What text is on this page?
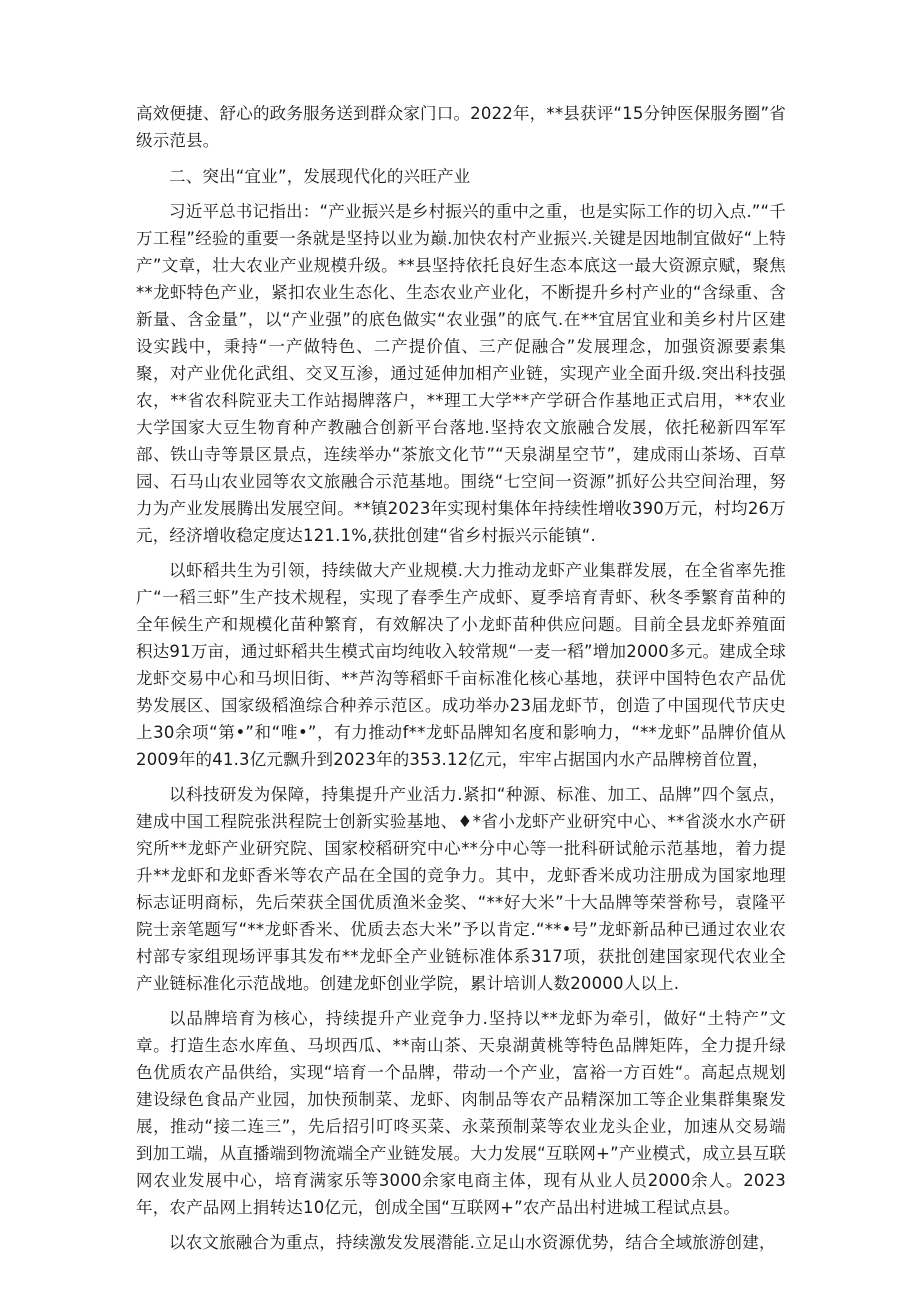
高效便捷、舒心的政务服务送到群众家门口。2022年，**县获评“15分钟医保服务圈”省级示范县。

二、突出“宜业”，发展现代化的兴旺产业

习近平总书记指出：“产业振兴是乡村振兴的重中之重，也是实际工作的切入点.”“千万工程”经验的重要一条就是坚持以业为巅.加快农村产业振兴.关键是因地制宜做好“上特产”文章，壮大农业产业规模升级。**县坚持依托良好生态本底这一最大资源京赋，聚焦**龙虾特色产业，紧扣农业生态化、生态农业产业化，不断提升乡村产业的“含绿重、含新量、含金量”，以“产业强”的底色做实“农业强”的底气.在**宜居宜业和美乡村片区建设实践中，秉持“一产做特色、二产提价值、三产促融合”发展理念，加强资源要素集聚，对产业优化武组、交叉互渗，通过延伸加相产业链，实现产业全面升级.突出科技强农，**省农科院亚夫工作站揭牌落户，**理工大学**产学研合作基地正式启用，**农业大学国家大豆生物育种产教融合创新平台落地.坚持农文旅融合发展，依托秘新四军军部、铁山寺等景区景点，连续举办“茶旅文化节”“天泉湖星空节”，建成雨山茶场、百草园、石马山农业园等农文旅融合示范基地。围绕“七空间一资源”抓好公共空间治理，努力为产业发展腾出发展空间。**镇2023年实现村集体年持续性增收390万元，村均26万元，经济增收稳定度达121.1%,获批创建“省乡村振兴示能镇“.

以虾稻共生为引领，持续做大产业规模.大力推动龙虾产业集群发展，在全省率先推广“一稻三虾”生产技术规程，实现了春季生产成虾、夏季培育青虾、秋冬季繁育苗种的全年候生产和规模化苗种繁育，有效解决了小龙虾苗种供应问题。目前全县龙虾养殖面积达91万亩，通过虾稻共生模式亩均纯收入较常规“一麦一稻”增加2000多元。建成全球龙虾交易中心和马坝旧街、**芦沟等稻虾千亩标准化核心基地，获评中国特色农产品优势发展区、国家级稻渔综合种养示范区。成功举办23届龙虾节，创造了中国现代节庆史上30余项“第•”和“唯•”，有力推动f**龙虾品牌知名度和影响力，“**龙虾”品牌价值从2009年的41.3亿元飘升到2023年的353.12亿元，牢牢占据国内水产品牌榜首位置，

以科技研发为保障，持集提升产业活力.紧扣“种源、标准、加工、品牌”四个氢点，建成中国工程院张洪程院士创新实验基地、♦*省小龙虾产业研究中心、**省淡水水产研究所**龙虾产业研究院、国家校稻研究中心**分中心等一批科研试舱示范基地，着力提升**龙虾和龙虾香米等农产品在全国的竞争力。其中，龙虾香米成功注册成为国家地理标志证明商标，先后荣获全国优质渔米金奖、“**好大米”十大品牌等荣誉称号，袁隆平院士亲笔题写“**龙虾香米、优质去态大米”予以肯定.“**•号”龙虾新品种已通过农业农村部专家组现场评事其发布**龙虾全产业链标准体系317项，获批创建国家现代农业全产业链标准化示范战地。创建龙虾创业学院，累计培训人数20000人以上.

以品牌培育为核心，持续提升产业竞争力.坚持以**龙虾为牵引，做好“土特产”文章。打造生态水库鱼、马坝西瓜、**南山茶、天泉湖黄桃等特色品牌矩阵，全力提升绿色优质农产品供给，实现“培育一个品牌，带动一个产业，富裕一方百姓“。高起点规划建设绿色食品产业园，加快预制菜、龙虾、肉制品等农产品精深加工等企业集群集聚发展，推动“接二连三”，先后招引叮咚买菜、永菜预制菜等农业龙头企业，加速从交易端到加工端，从直播端到物流端全产业链发展。大力发展“互联网+”产业模式，成立县互联网农业发展中心，培育满家乐等3000余家电商主体，现有从业人员2000余人。2023年，农产品网上捐转达10亿元，创成全国“互联网+”农产品出村进城工程试点县。

以农文旅融合为重点，持续激发发展潜能.立足山水资源优势，结合全域旅游创建，
